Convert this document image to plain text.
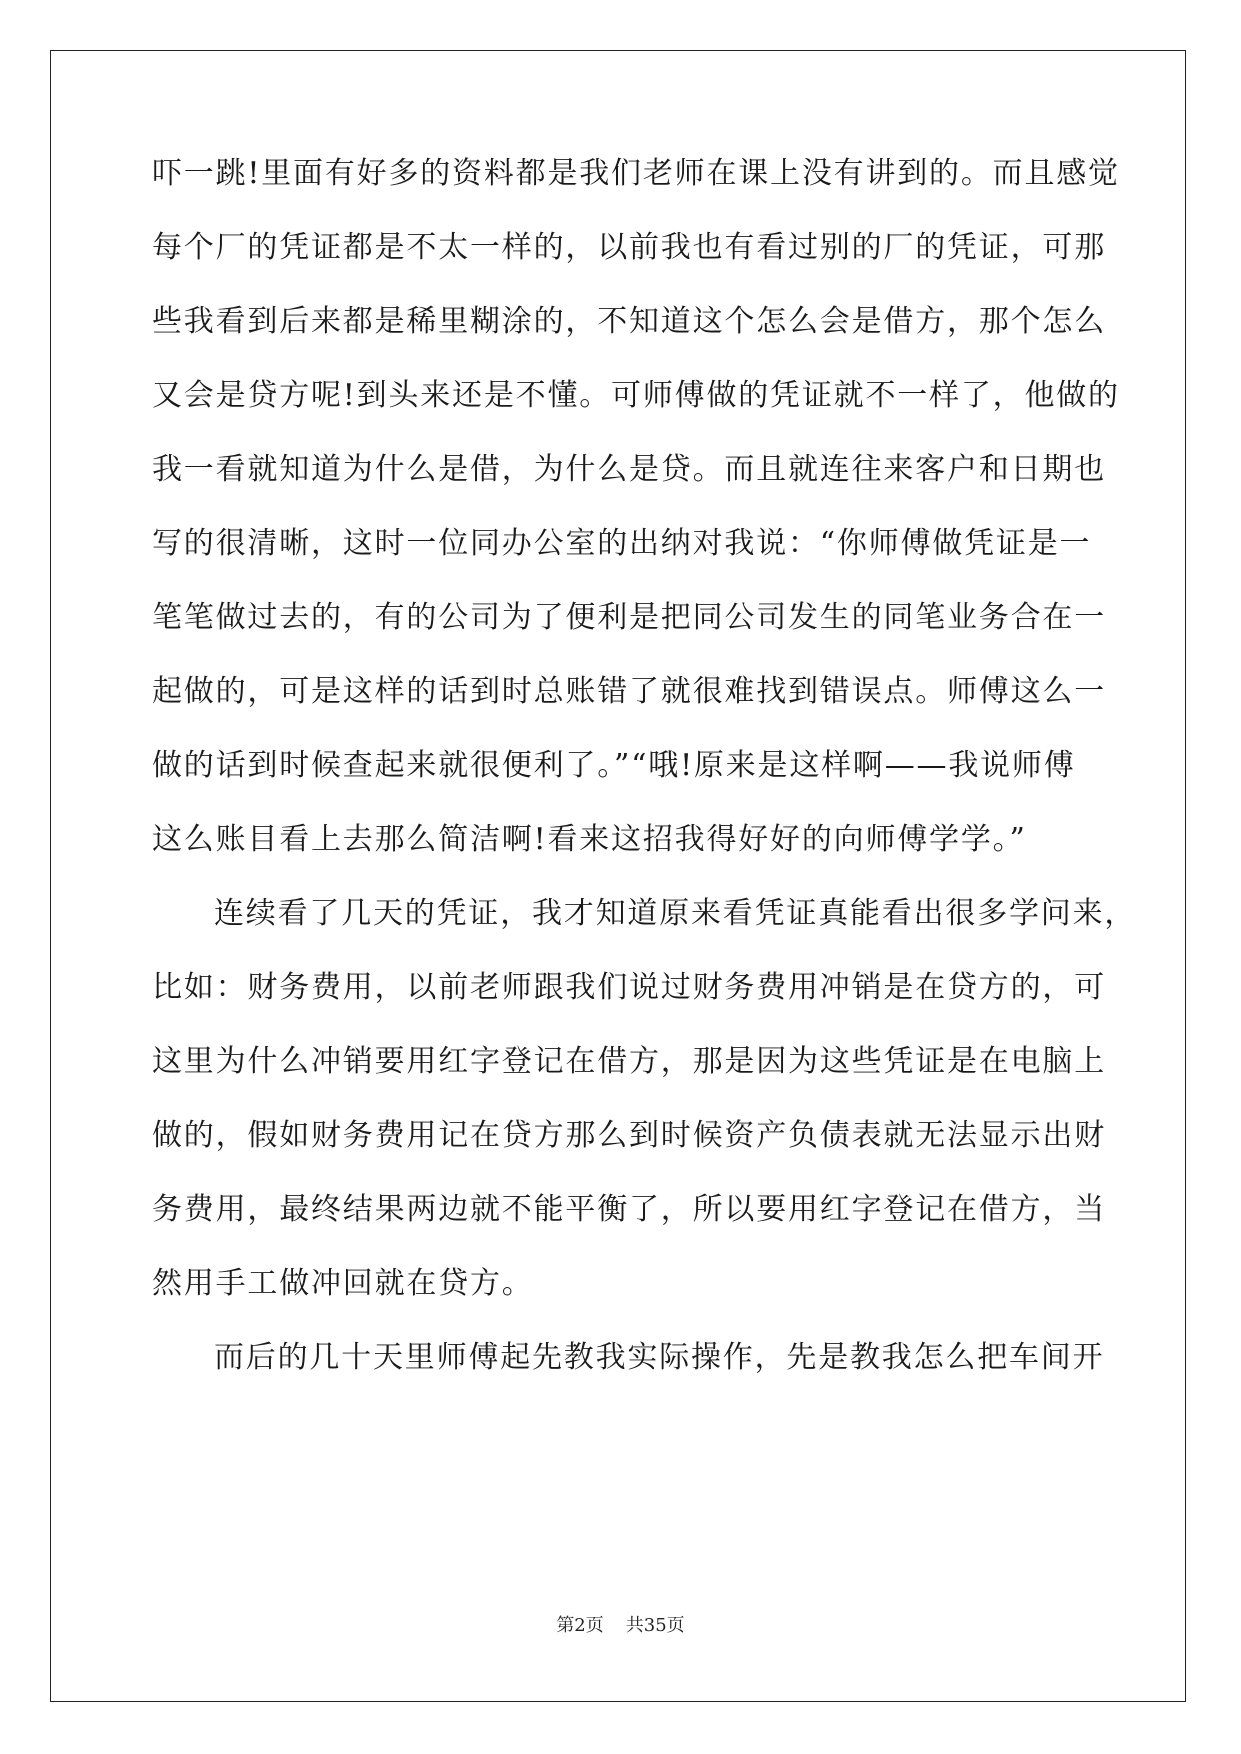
吓一跳!里面有好多的资料都是我们老师在课上没有讲到的。而且感觉
每个厂的凭证都是不太一样的，以前我也有看过别的厂的凭证，可那
些我看到后来都是稀里糊涂的，不知道这个怎么会是借方，那个怎么
又会是贷方呢!到头来还是不懂。可师傅做的凭证就不一样了，他做的
我一看就知道为什么是借，为什么是贷。而且就连往来客户和日期也
写的很清晰，这时一位同办公室的出纳对我说：“你师傅做凭证是一
笔笔做过去的，有的公司为了便利是把同公司发生的同笔业务合在一
起做的，可是这样的话到时总账错了就很难找到错误点。师傅这么一
做的话到时候查起来就很便利了。”“哦!原来是这样啊——我说师傅
这么账目看上去那么简洁啊!看来这招我得好好的向师傅学学。”
连续看了几天的凭证，我才知道原来看凭证真能看出很多学问来，
比如：财务费用，以前老师跟我们说过财务费用冲销是在贷方的，可
这里为什么冲销要用红字登记在借方，那是因为这些凭证是在电脑上
做的，假如财务费用记在贷方那么到时候资产负债表就无法显示出财
务费用，最终结果两边就不能平衡了，所以要用红字登记在借方，当
然用手工做冲回就在贷方。
而后的几十天里师傅起先教我实际操作，先是教我怎么把车间开
第2页 共35页
